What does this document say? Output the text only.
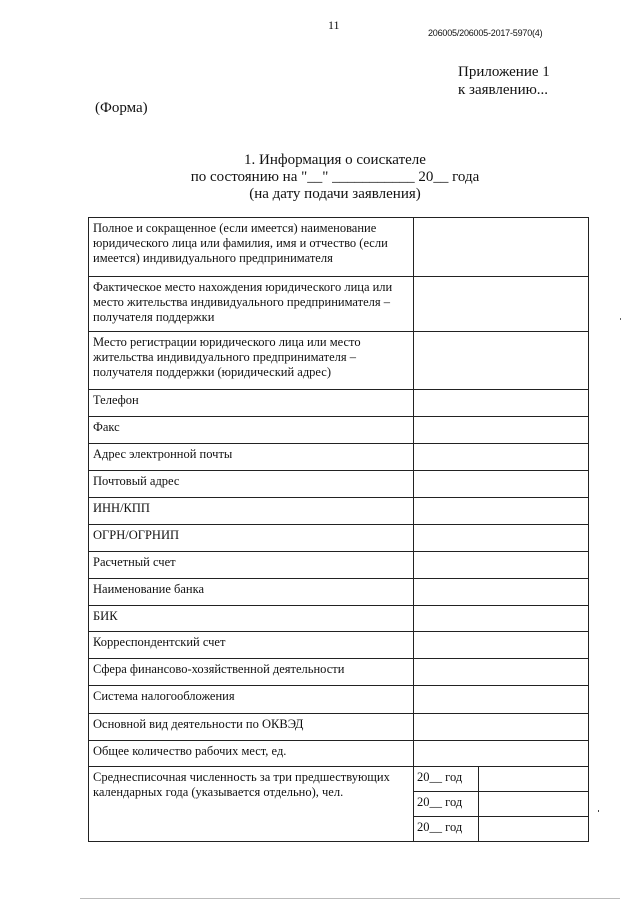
11
206005/206005-2017-5970(4)
Приложение 1
к заявлению...
(Форма)
1. Информация о соискателе
по состоянию на "__" ___________ 20__ года
(на дату подачи заявления)
Полное и сокращенное (если имеется) наименование юридического лица или фамилия, имя и отчество (если имеется) индивидуального предпринимателя		
Фактическое место нахождения юридического лица или место жительства индивидуального предпринимателя – получателя поддержки		
Место регистрации юридического лица или место жительства индивидуального предпринимателя – получателя поддержки (юридический адрес)		
Телефон		
Факс		
Адрес электронной почты		
Почтовый адрес		
ИНН/КПП		
ОГРН/ОГРНИП		
Расчетный счет		
Наименование банка		
БИК		
Корреспондентский счет		
Сфера финансово-хозяйственной деятельности		
Система налогообложения		
Основной вид деятельности по ОКВЭД		
Общее количество рабочих мест, ед.		
Среднесписочная численность за три предшествующих календарных года (указывается отдельно), чел.	20__ год	
	20__ год	
	20__ год	
